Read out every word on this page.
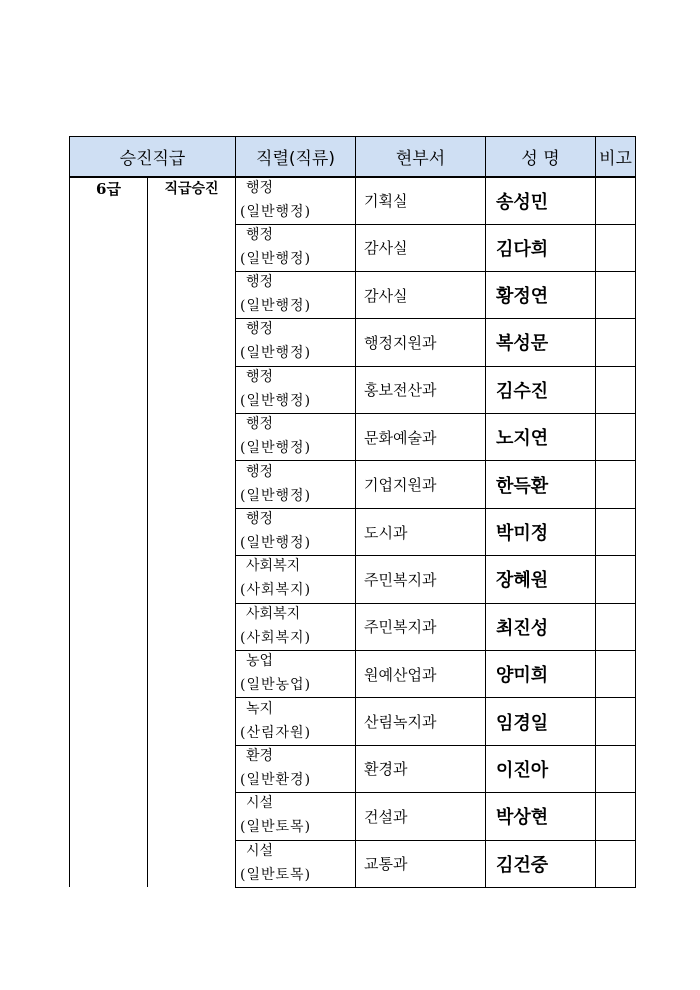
승진직급		직렬(직류)	현부서	성 명	비고
6급	직급승진	행정
(일반행정)	기획실	송성민	

		행정
(일반행정)	감사실	김다희	

		행정
(일반행정)	감사실	황정연	

		행정
(일반행정)	행정지원과	복성문	

		행정
(일반행정)	홍보전산과	김수진	

		행정
(일반행정)	문화예술과	노지연	

		행정
(일반행정)	기업지원과	한득환	

		행정
(일반행정)	도시과	박미정	

		사회복지
(사회복지)	주민복지과	장혜원	

		사회복지
(사회복지)	주민복지과	최진성	

		농업
(일반농업)	원예산업과	양미희	

		녹지
(산림자원)	산림녹지과	임경일	

		환경
(일반환경)	환경과	이진아	

		시설
(일반토목)	건설과	박상현	

		시설
(일반토목)	교통과	김건중	
